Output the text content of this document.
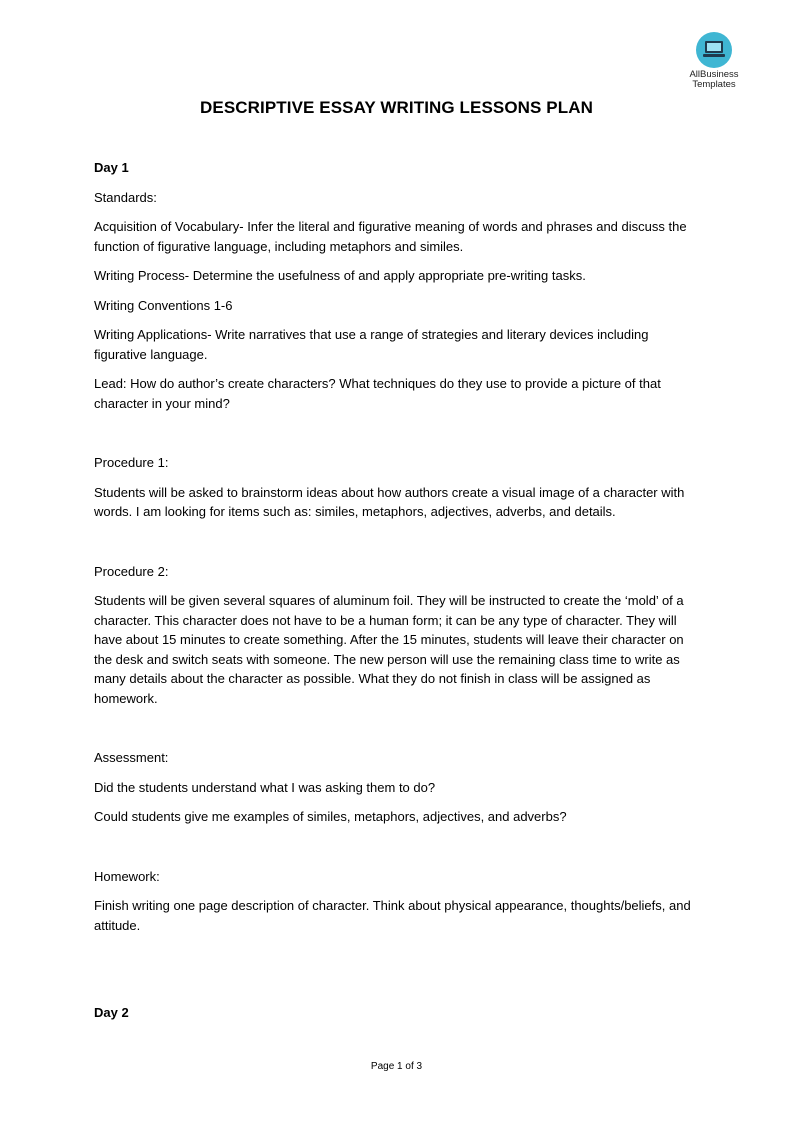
AllBusiness
Templates
DESCRIPTIVE ESSAY WRITING LESSONS PLAN

Day 1

Standards:

Acquisition of Vocabulary- Infer the literal and figurative meaning of words and phrases and discuss the function of figurative language, including metaphors and similes.

Writing Process- Determine the usefulness of and apply appropriate pre-writing tasks.

Writing Conventions 1-6

Writing Applications- Write narratives that use a range of strategies and literary devices including figurative language.

Lead: How do author’s create characters? What techniques do they use to provide a picture of that character in your mind?

Procedure 1:

Students will be asked to brainstorm ideas about how authors create a visual image of a character with words. I am looking for items such as: similes, metaphors, adjectives, adverbs, and details.

Procedure 2:

Students will be given several squares of aluminum foil. They will be instructed to create the ‘mold’ of a character. This character does not have to be a human form; it can be any type of character. They will have about 15 minutes to create something. After the 15 minutes, students will leave their character on the desk and switch seats with someone. The new person will use the remaining class time to write as many details about the character as possible. What they do not finish in class will be assigned as homework.

Assessment:

Did the students understand what I was asking them to do?

Could students give me examples of similes, metaphors, adjectives, and adverbs?

Homework:

Finish writing one page description of character. Think about physical appearance, thoughts/beliefs, and attitude.

Day 2

Page 1 of 3
